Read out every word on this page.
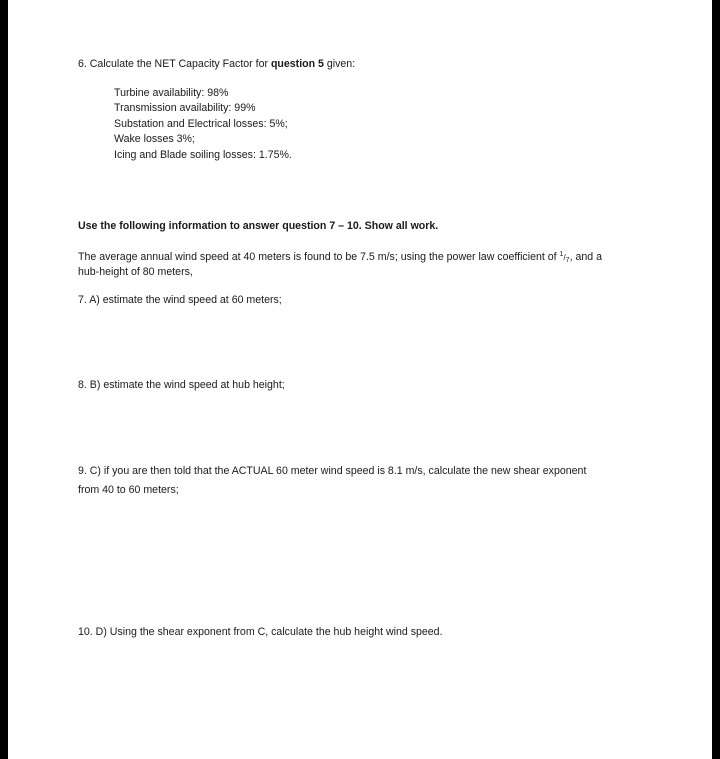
6. Calculate the NET Capacity Factor for question 5 given:
Turbine availability: 98%
Transmission availability: 99%
Substation and Electrical losses: 5%;
Wake losses 3%;
Icing and Blade soiling losses: 1.75%.
Use the following information to answer question 7 – 10. Show all work.
The average annual wind speed at 40 meters is found to be 7.5 m/s; using the power law coefficient of $^1/_7$, and a
hub-height of 80 meters,
7. A) estimate the wind speed at 60 meters;
8. B) estimate the wind speed at hub height;
9. C) if you are then told that the ACTUAL 60 meter wind speed is 8.1 m/s, calculate the new shear exponent
from 40 to 60 meters;
10. D) Using the shear exponent from C, calculate the hub height wind speed.
